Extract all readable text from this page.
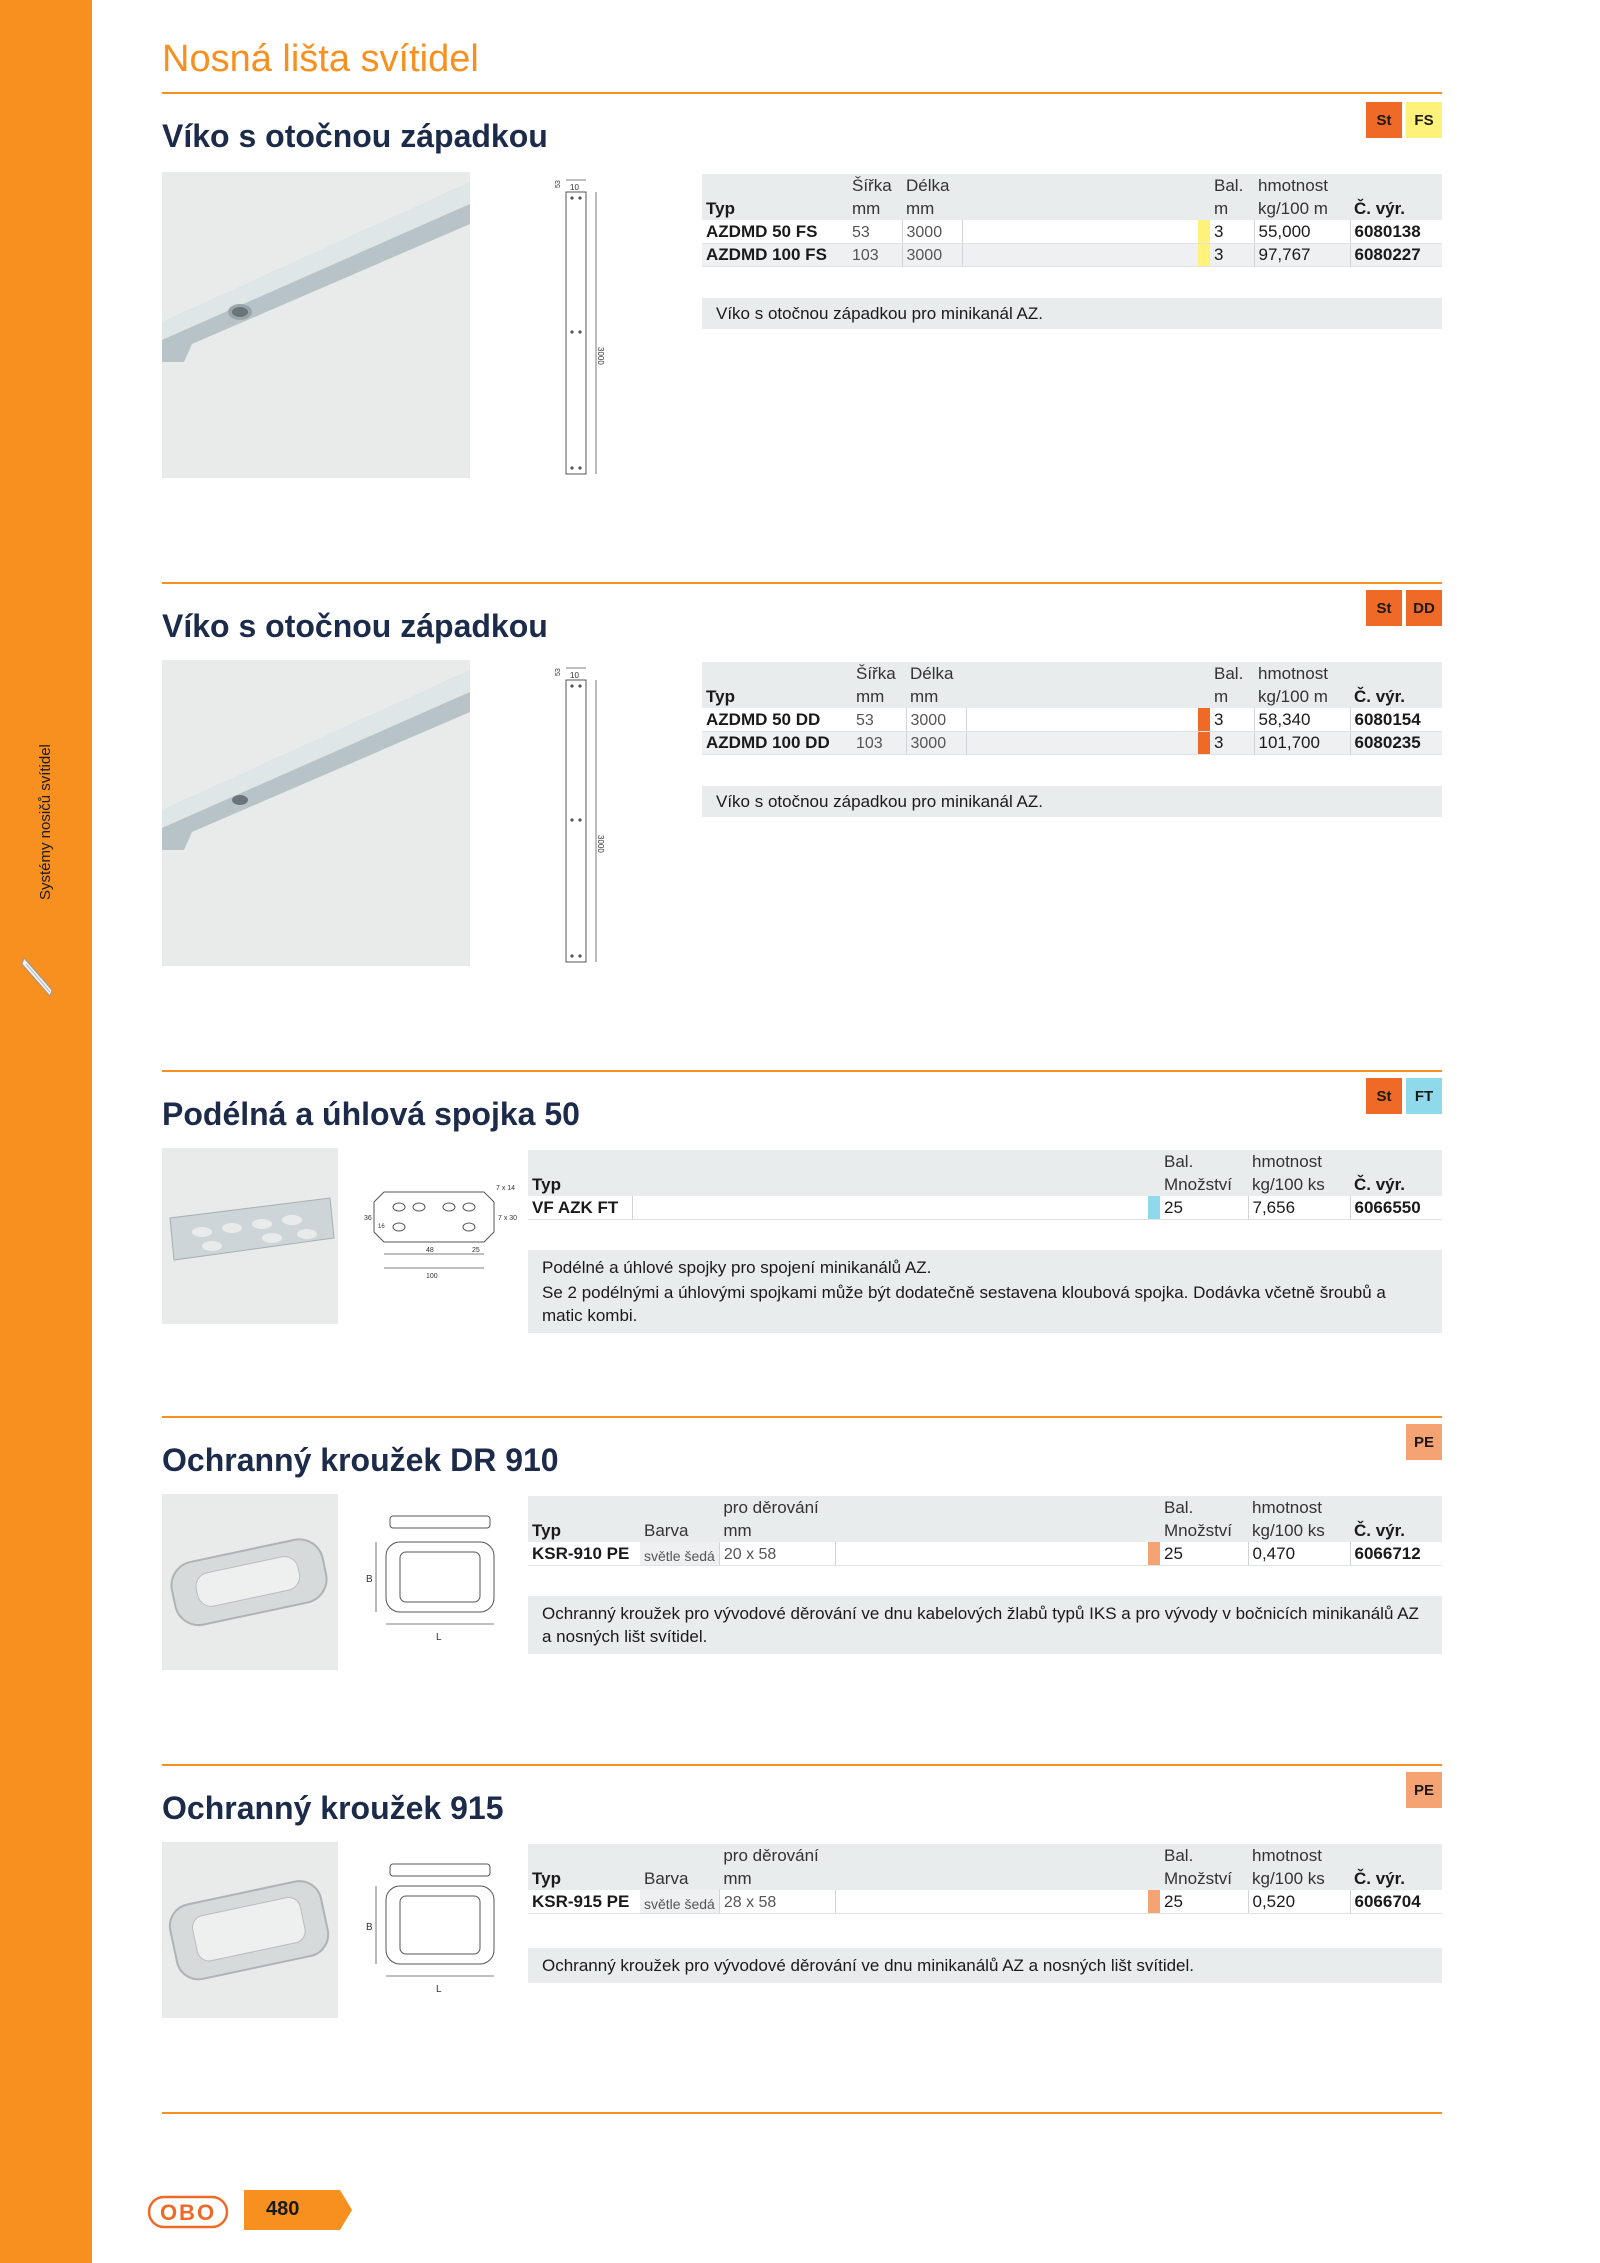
Systémy nosičů svítidel
Nosná lišta svítidel
Víko s otočnou západkou	St	FS
10
53
3000
	Šířka	Délka			Bal.	hmotnost	
Typ	mm	mm			m	kg/100 m	Č. výr.
AZDMD 50 FS	53	3000			3	55,000	6080138
AZDMD 100 FS	103	3000			3	97,767	6080227
Víko s otočnou západkou pro minikanál AZ.
Víko s otočnou západkou	St	DD
10
53
3000
	Šířka	Délka			Bal.	hmotnost	
Typ	mm	mm			m	kg/100 m	Č. výr.
AZDMD 50 DD	53	3000			3	58,340	6080154
AZDMD 100 DD	103	3000			3	101,700	6080235
Víko s otočnou západkou pro minikanál AZ.
Podélná a úhlová spojka 50	St	FT
7 x 14
7 x 30
48	25
100
36
16
			Bal.	hmotnost	
Typ			Množství	kg/100 ks	Č. výr.
VF AZK FT			25	7,656	6066550
Podélné a úhlové spojky pro spojení minikanálů AZ.
Se 2 podélnými a úhlovými spojkami může být dodatečně sestavena kloubová spojka. Dodávka včetně šroubů a matic kombi.
Ochranný kroužek DR 910	PE
B
L
		pro děrování			Bal.	hmotnost	
Typ	Barva	mm			Množství	kg/100 ks	Č. výr.
KSR-910 PE	světle šedá	20 x 58			25	0,470	6066712
Ochranný kroužek pro vývodové děrování ve dnu kabelových žlabů typů IKS a pro vývody v bočnicích minikanálů AZ a nosných lišt svítidel.
Ochranný kroužek 915	PE
B
L
		pro děrování			Bal.	hmotnost	
Typ	Barva	mm			Množství	kg/100 ks	Č. výr.
KSR-915 PE	světle šedá	28 x 58			25	0,520	6066704
Ochranný kroužek pro vývodové děrování ve dnu minikanálů AZ a nosných lišt svítidel.
OBO 480
